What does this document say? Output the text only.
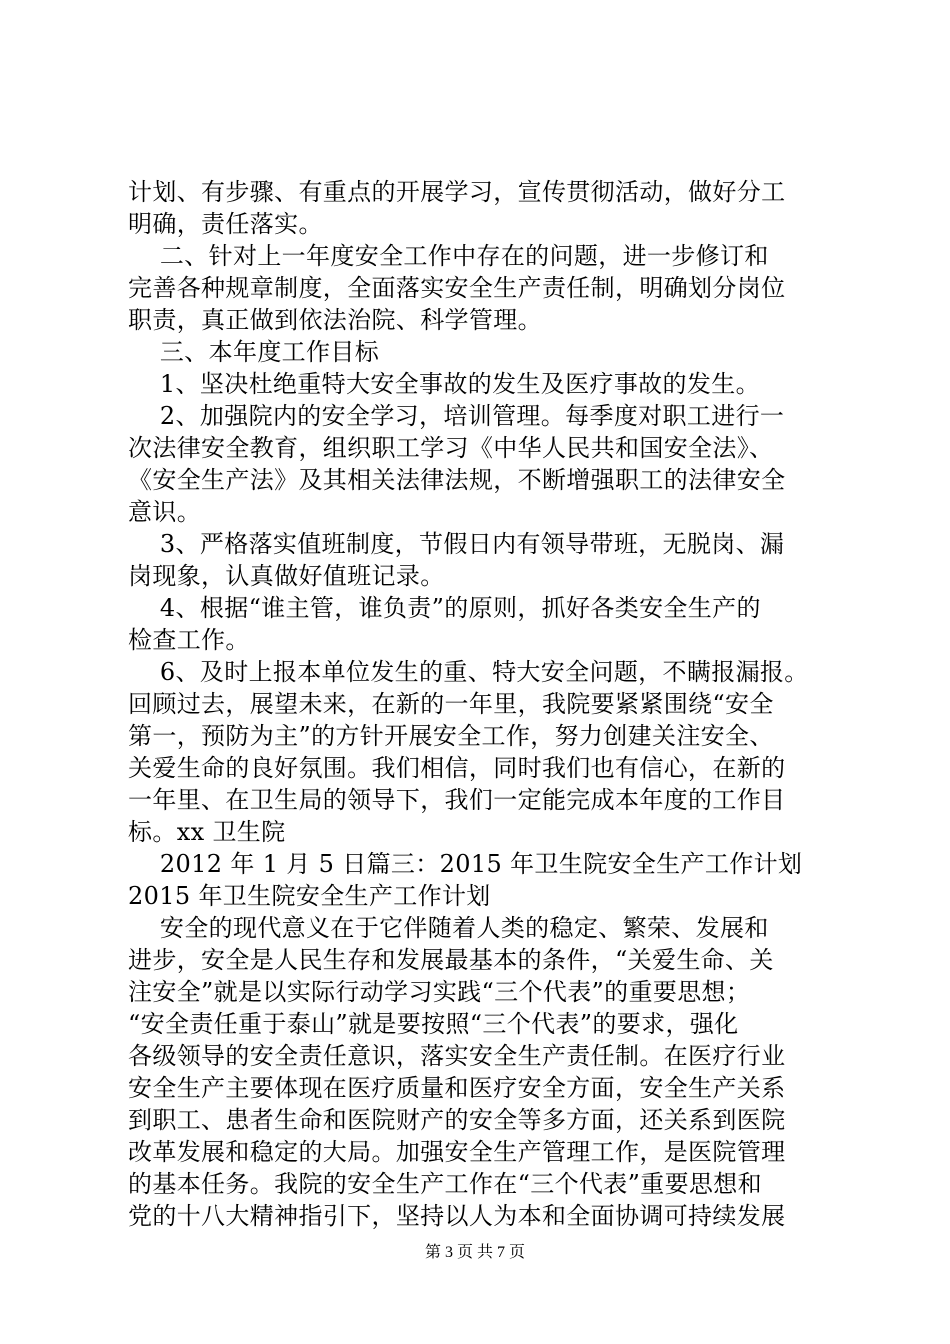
计划、有步骤、有重点的开展学习，宣传贯彻活动，做好分工
明确，责任落实。
二、针对上一年度安全工作中存在的问题，进一步修订和
完善各种规章制度，全面落实安全生产责任制，明确划分岗位
职责，真正做到依法治院、科学管理。
三、本年度工作目标
1、坚决杜绝重特大安全事故的发生及医疗事故的发生。
2、加强院内的安全学习，培训管理。每季度对职工进行一
次法律安全教育，组织职工学习《中华人民共和国安全法》、
《安全生产法》及其相关法律法规，不断增强职工的法律安全
意识。
3、严格落实值班制度，节假日内有领导带班，无脱岗、漏
岗现象，认真做好值班记录。
4、根据“谁主管，谁负责”的原则，抓好各类安全生产的
检查工作。
6、及时上报本单位发生的重、特大安全问题，不瞒报漏报。
回顾过去，展望未来，在新的一年里，我院要紧紧围绕“安全
第一，预防为主”的方针开展安全工作，努力创建关注安全、
关爱生命的良好氛围。我们相信，同时我们也有信心，在新的
一年里、在卫生局的领导下，我们一定能完成本年度的工作目
标。xx 卫生院
2012 年 1 月 5 日篇三：2015 年卫生院安全生产工作计划
2015 年卫生院安全生产工作计划
安全的现代意义在于它伴随着人类的稳定、繁荣、发展和
进步，安全是人民生存和发展最基本的条件，“关爱生命、关
注安全”就是以实际行动学习实践“三个代表”的重要思想；
“安全责任重于泰山”就是要按照“三个代表”的要求，强化
各级领导的安全责任意识，落实安全生产责任制。在医疗行业
安全生产主要体现在医疗质量和医疗安全方面，安全生产关系
到职工、患者生命和医院财产的安全等多方面，还关系到医院
改革发展和稳定的大局。加强安全生产管理工作，是医院管理
的基本任务。我院的安全生产工作在“三个代表”重要思想和
党的十八大精神指引下，坚持以人为本和全面协调可持续发展
第 3 页 共 7 页
